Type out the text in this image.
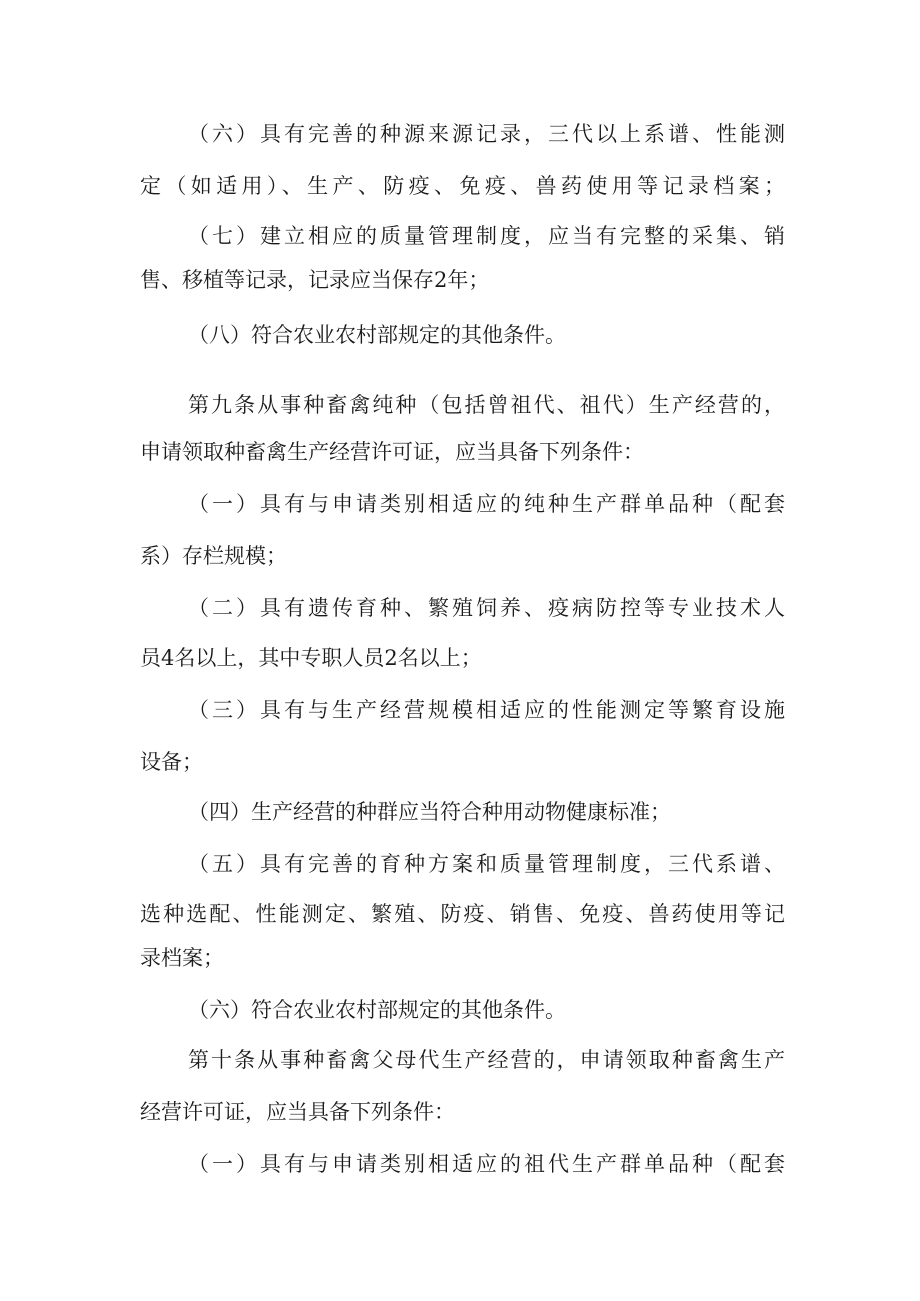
（六）具有完善的种源来源记录，三代以上系谱、性能测
定（如适用）、生产、防疫、免疫、兽药使用等记录档案；
（七）建立相应的质量管理制度，应当有完整的采集、销
售、移植等记录，记录应当保存2年；
（八）符合农业农村部规定的其他条件。
第九条从事种畜禽纯种（包括曾祖代、祖代）生产经营的，
申请领取种畜禽生产经营许可证，应当具备下列条件：
（一）具有与申请类别相适应的纯种生产群单品种（配套
系）存栏规模；
（二）具有遗传育种、繁殖饲养、疫病防控等专业技术人
员4名以上，其中专职人员2名以上；
（三）具有与生产经营规模相适应的性能测定等繁育设施
设备；
（四）生产经营的种群应当符合种用动物健康标准；
（五）具有完善的育种方案和质量管理制度，三代系谱、
选种选配、性能测定、繁殖、防疫、销售、免疫、兽药使用等记
录档案；
（六）符合农业农村部规定的其他条件。
第十条从事种畜禽父母代生产经营的，申请领取种畜禽生产
经营许可证，应当具备下列条件：
（一）具有与申请类别相适应的祖代生产群单品种（配套
